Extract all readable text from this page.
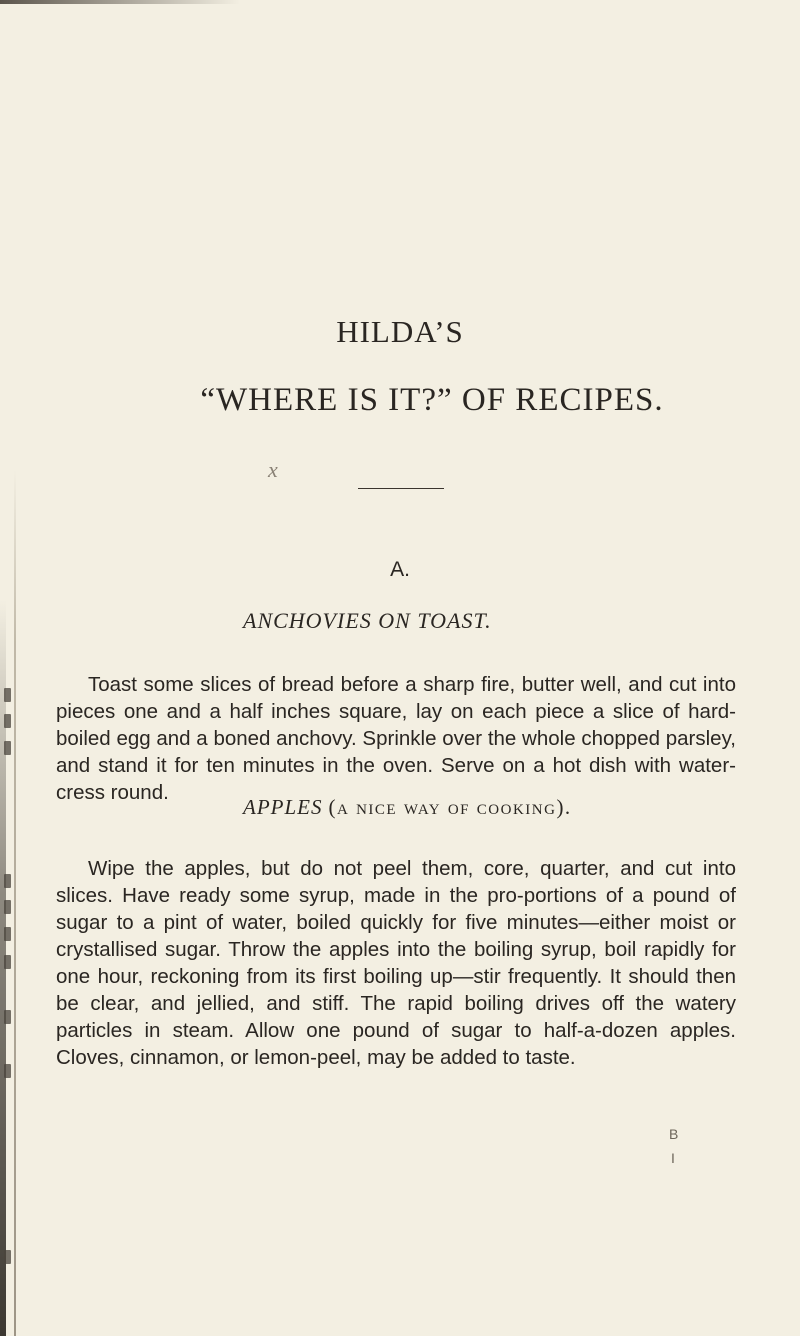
HILDA’S
“WHERE IS IT?” OF RECIPES.
x
A.
ANCHOVIES ON TOAST.
Toast some slices of bread before a sharp fire, butter well, and cut into pieces one and a half inches square, lay on each piece a slice of hard-boiled egg and a boned anchovy. Sprinkle over the whole chopped parsley, and stand it for ten minutes in the oven. Serve on a hot dish with water-cress round.
APPLES (a nice way of cooking).
Wipe the apples, but do not peel them, core, quarter, and cut into slices. Have ready some syrup, made in the pro-portions of a pound of sugar to a pint of water, boiled quickly for five minutes—either moist or crystallised sugar. Throw the apples into the boiling syrup, boil rapidly for one hour, reckoning from its first boiling up—stir frequently. It should then be clear, and jellied, and stiff. The rapid boiling drives off the watery particles in steam. Allow one pound of sugar to half-a-dozen apples. Cloves, cinnamon, or lemon-peel, may be added to taste.
B
I
